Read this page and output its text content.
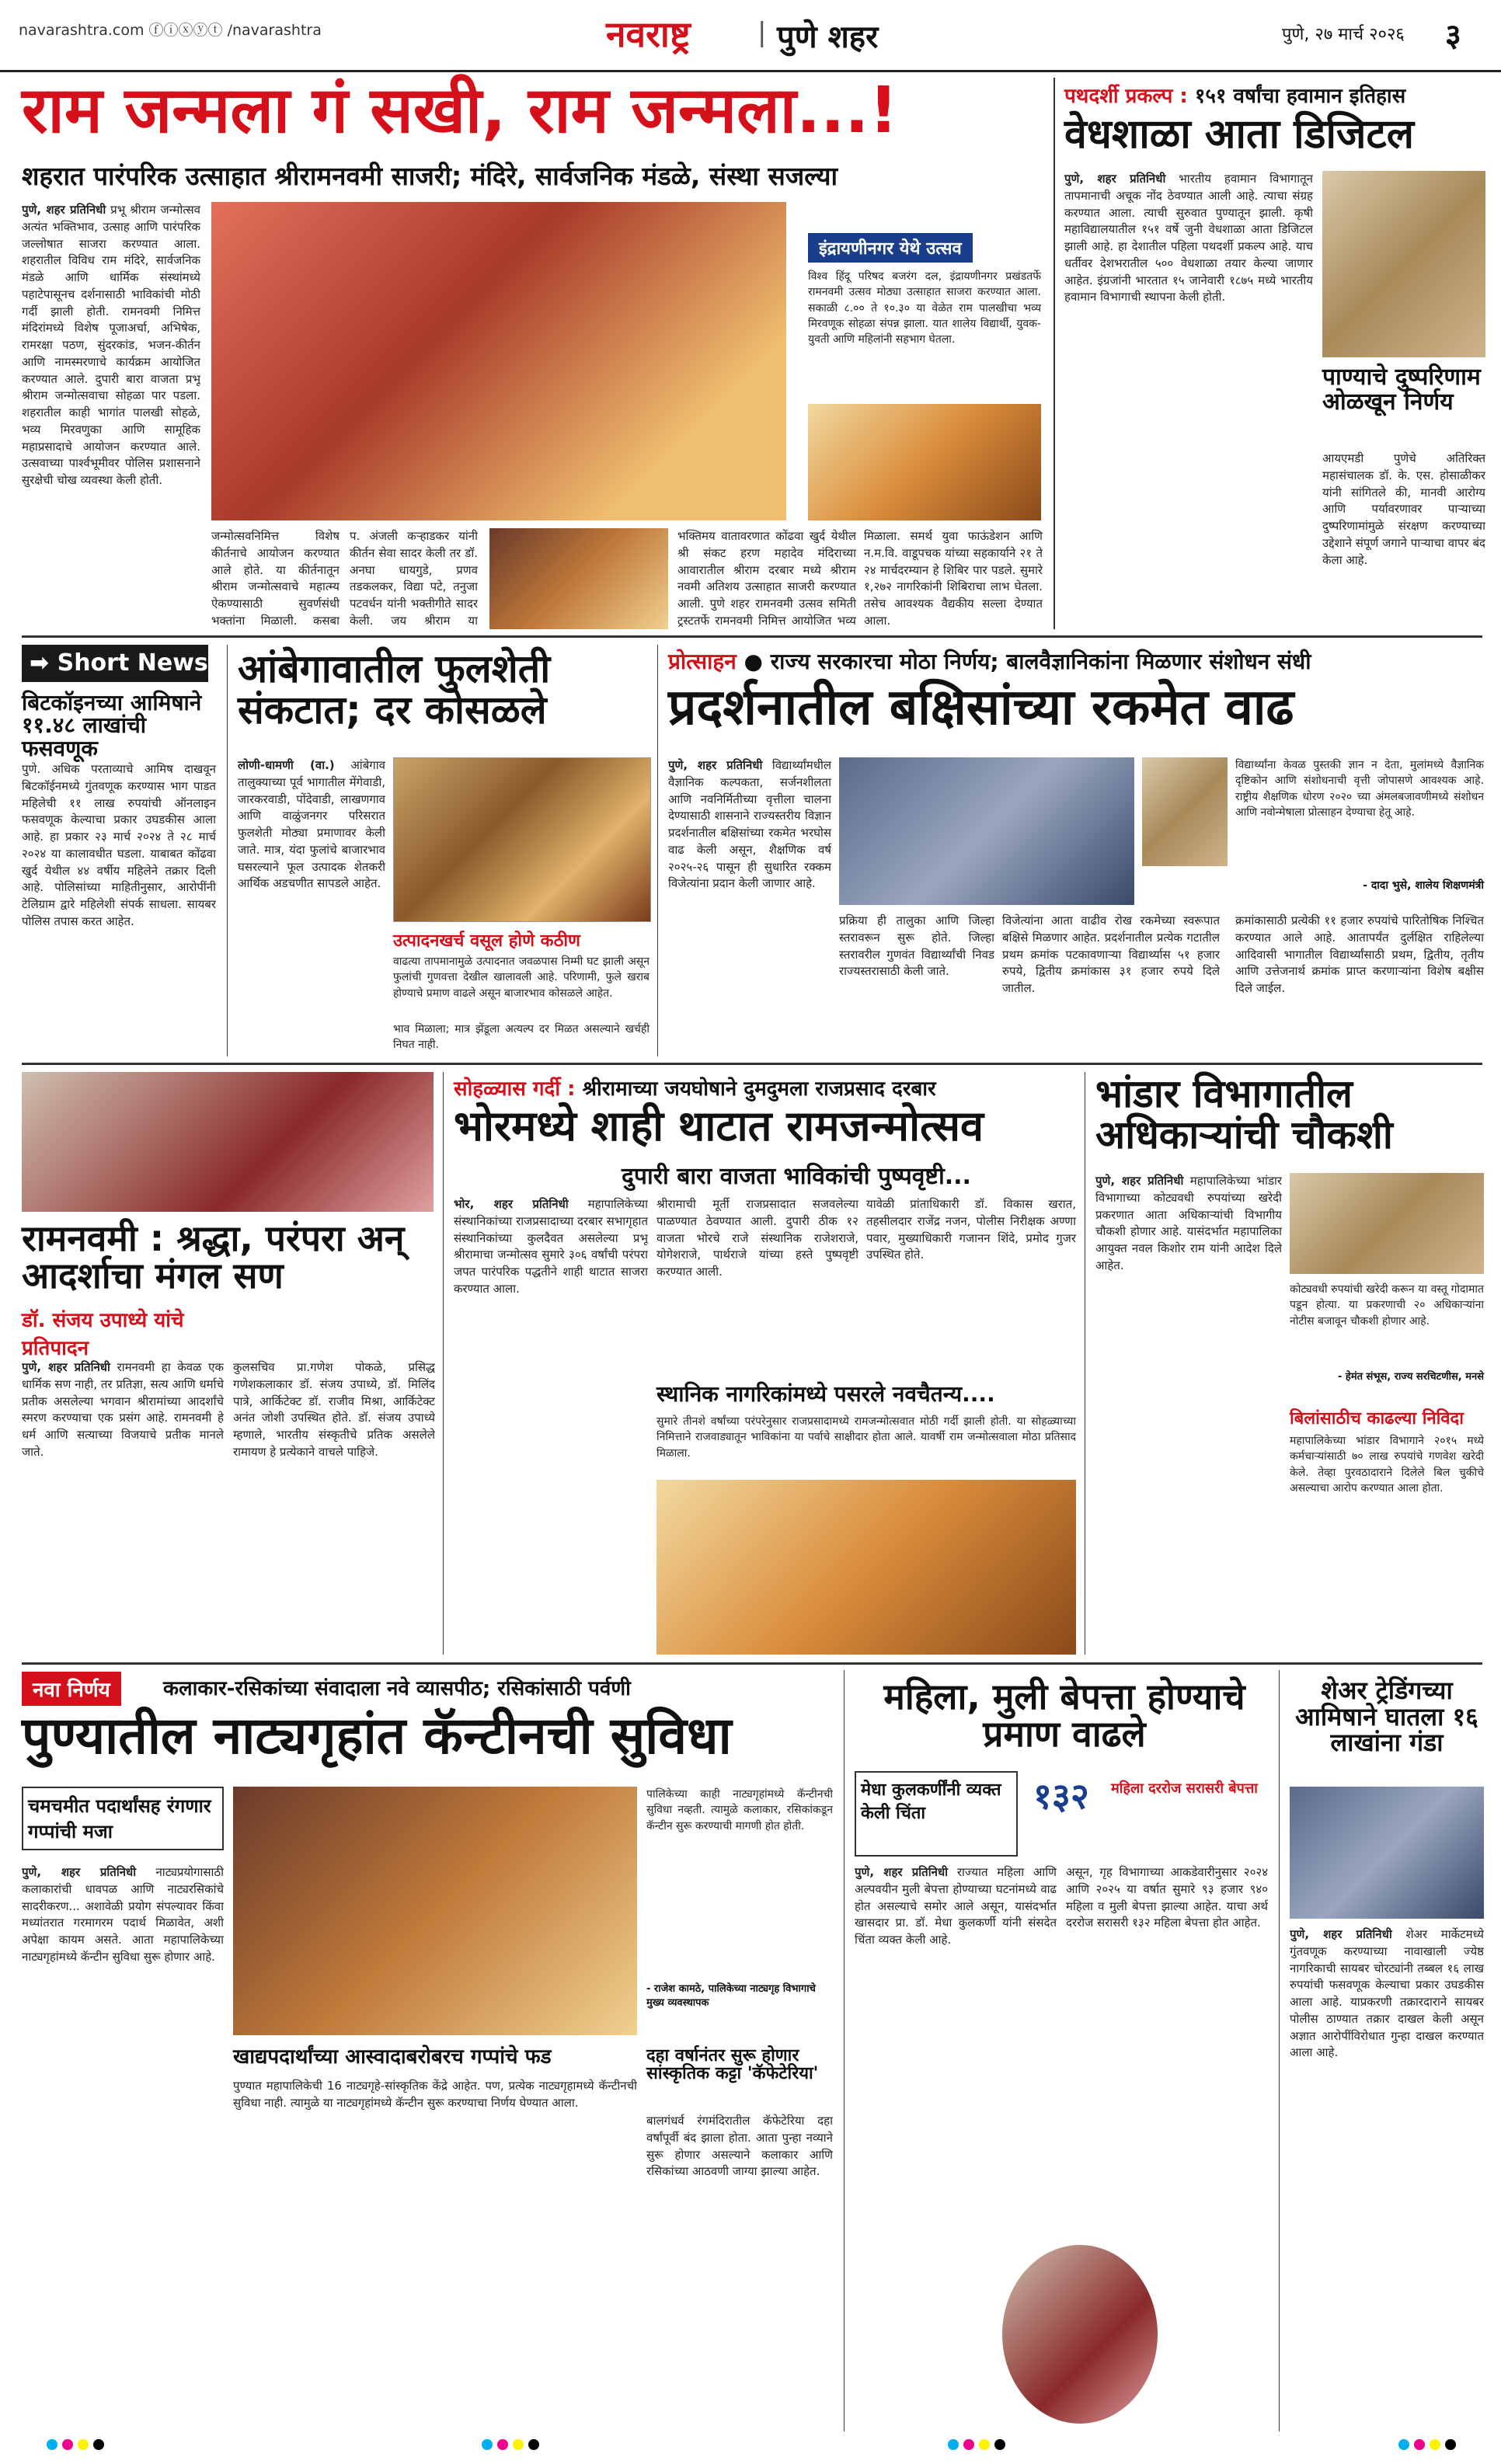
navarashtra.com ⓕⓘⓧⓨⓣ /navarashtra	नवराष्ट्र	| पुणे शहर	पुणे, २७ मार्च २०२६ ३
राम जन्मला गं सखी, राम जन्मला...!
शहरात पारंपरिक उत्साहात श्रीरामनवमी साजरी; मंदिरे, सार्वजनिक मंडळे, संस्था सजल्या
पुणे, शहर प्रतिनिधी प्रभू श्रीराम जन्मोत्सव अत्यंत भक्तिभाव, उत्साह आणि पारंपरिक जल्लोषात साजरा करण्यात आला. शहरातील विविध राम मंदिरे, सार्वजनिक मंडळे आणि धार्मिक संस्थांमध्ये पहाटेपासूनच दर्शनासाठी भाविकांची मोठी गर्दी झाली होती. रामनवमी निमित्त मंदिरांमध्ये विशेष पूजाअर्चा, अभिषेक, रामरक्षा पठण, सुंदरकांड, भजन-कीर्तन आणि नामस्मरणाचे कार्यक्रम आयोजित करण्यात आले. दुपारी बारा वाजता प्रभू श्रीराम जन्मोत्सवाचा सोहळा पार पडला. शहरातील काही भागांत पालखी सोहळे, भव्य मिरवणुका आणि सामूहिक महाप्रसादाचे आयोजन करण्यात आले. उत्सवाच्या पार्श्वभूमीवर पोलिस प्रशासनाने सुरक्षेची चोख व्यवस्था केली होती.
इंद्रायणीनगर येथे उत्सव
विश्व हिंदू परिषद बजरंग दल, इंद्रायणीनगर प्रखंडतर्फे रामनवमी उत्सव मोठ्या उत्साहात साजरा करण्यात आला. सकाळी ८.०० ते १०.३० या वेळेत राम पालखीचा भव्य मिरवणूक सोहळा संपन्न झाला. यात शालेय विद्यार्थी, युवक-युवती आणि महिलांनी सहभाग घेतला.
जन्मोत्सवनिमित्त विशेष कीर्तनाचे आयोजन करण्यात आले होते. या कीर्तनातून श्रीराम जन्मोत्सवाचे महात्म्य ऐकण्यासाठी सुवर्णसंधी भक्तांना मिळाली. कसबा
प. अंजली कऱ्हाडकर यांनी कीर्तन सेवा सादर केली तर डॉ. अनघा धायगुडे, प्रणव तडकलकर, विद्या पटे, तनुजा पटवर्धन यांनी भक्तीगीते सादर केली. जय श्रीराम या
भक्तिमय वातावरणात कोंढवा खुर्द येथील श्री संकट हरण महादेव मंदिराच्या आवारातील श्रीराम दरबार मध्ये श्रीराम नवमी अतिशय उत्साहात साजरी करण्यात आली. पुणे शहर रामनवमी उत्सव समिती ट्रस्टतर्फे रामनवमी निमित्त आयोजित भव्य
मिळाला. समर्थ युवा फाऊंडेशन आणि न.म.वि. वाडूपचक यांच्या सहकार्याने २१ ते २४ मार्चदरम्यान हे शिबिर पार पडले. सुमारे १,२७२ नागरिकांनी शिबिराचा लाभ घेतला. तसेच आवश्यक वैद्यकीय सल्ला देण्यात आला.
पथदर्शी प्रकल्प : १५१ वर्षांचा हवामान इतिहास
वेधशाळा आता डिजिटल
पुणे, शहर प्रतिनिधी भारतीय हवामान विभागातून तापमानाची अचूक नोंद ठेवण्यात आली आहे. त्याचा संग्रह करण्यात आला. त्याची सुरुवात पुण्यातून झाली. कृषी महाविद्यालयातील १५१ वर्षे जुनी वेधशाळा आता डिजिटल झाली आहे. हा देशातील पहिला पथदर्शी प्रकल्प आहे. याच धर्तीवर देशभरातील ५०० वेधशाळा तयार केल्या जाणार आहेत. इंग्रजांनी भारतात १५ जानेवारी १८७५ मध्ये भारतीय हवामान विभागाची स्थापना केली होती.
पाण्याचे दुष्परिणाम ओळखून निर्णय
आयएमडी पुणेचे अतिरिक्त महासंचालक डॉ. के. एस. होसाळीकर यांनी सांगितले की, मानवी आरोग्य आणि पर्यावरणावर पाऱ्याच्या दुष्परिणामांमुळे संरक्षण करण्याच्या उद्देशाने संपूर्ण जगाने पाऱ्याचा वापर बंद केला आहे.
➡ Short News
बिटकॉइनच्या आमिषाने ११.४८ लाखांची फसवणूक
पुणे. अधिक परताव्याचे आमिष दाखवून बिटकॉईनमध्ये गुंतवणूक करण्यास भाग पाडत महिलेची ११ लाख रुपयांची ऑनलाइन फसवणूक केल्याचा प्रकार उघडकीस आला आहे. हा प्रकार २३ मार्च २०२४ ते २८ मार्च २०२४ या कालावधीत घडला. याबाबत कोंढवा खुर्द येथील ४४ वर्षीय महिलेने तक्रार दिली आहे. पोलिसांच्या माहितीनुसार, आरोपींनी टेलिग्राम द्वारे महिलेशी संपर्क साधला. सायबर पोलिस तपास करत आहेत.
आंबेगावातील फुलशेती संकटात; दर कोसळले
लोणी-धामणी (वा.) आंबेगाव तालुक्याच्या पूर्व भागातील मेंगेवाडी, जारकरवाडी, पोंदेवाडी, लाखणगाव आणि वाळुंजनगर परिसरात फुलशेती मोठ्या प्रमाणावर केली जाते. मात्र, यंदा फुलांचे बाजारभाव घसरल्याने फूल उत्पादक शेतकरी आर्थिक अडचणीत सापडले आहेत.
उत्पादनखर्च वसूल होणे कठीण
वाढत्या तापमानामुळे उत्पादनात जवळपास निम्मी घट झाली असून फुलांची गुणवत्ता देखील खालावली आहे. परिणामी, फुले खराब होण्याचे प्रमाण वाढले असून बाजारभाव कोसळले आहेत.
भाव मिळाला; मात्र झेंडूला अत्यल्प दर मिळत असल्याने खर्चही निघत नाही.
प्रोत्साहन ● राज्य सरकारचा मोठा निर्णय; बालवैज्ञानिकांना मिळणार संशोधन संधी
प्रदर्शनातील बक्षिसांच्या रकमेत वाढ
पुणे, शहर प्रतिनिधी विद्यार्थ्यांमधील वैज्ञानिक कल्पकता, सर्जनशीलता आणि नवनिर्मितीच्या वृत्तीला चालना देण्यासाठी शासनाने राज्यस्तरीय विज्ञान प्रदर्शनातील बक्षिसांच्या रकमेत भरघोस वाढ केली असून, शैक्षणिक वर्ष २०२५-२६ पासून ही सुधारित रक्कम विजेत्यांना प्रदान केली जाणार आहे.
विद्यार्थ्यांना केवळ पुस्तकी ज्ञान न देता, मुलांमध्ये वैज्ञानिक दृष्टिकोन आणि संशोधनाची वृत्ती जोपासणे आवश्यक आहे. राष्ट्रीय शैक्षणिक धोरण २०२० च्या अंमलबजावणीमध्ये संशोधन आणि नवोन्मेषाला प्रोत्साहन देण्याचा हेतू आहे.
- दादा भुसे, शालेय शिक्षणमंत्री
प्रक्रिया ही तालुका आणि जिल्हा स्तरावरून सुरू होते. जिल्हा स्तरावरील गुणवंत विद्यार्थ्यांची निवड राज्यस्तरासाठी केली जाते.
विजेत्यांना आता वाढीव रोख रकमेच्या स्वरूपात बक्षिसे मिळणार आहेत. प्रदर्शनातील प्रत्येक गटातील प्रथम क्रमांक पटकावणाऱ्या विद्यार्थ्यास ५१ हजार रुपये, द्वितीय क्रमांकास ३१ हजार रुपये दिले जातील.
क्रमांकासाठी प्रत्येकी ११ हजार रुपयांचे पारितोषिक निश्चित करण्यात आले आहे. आतापर्यंत दुर्लक्षित राहिलेल्या आदिवासी भागातील विद्यार्थ्यांसाठी प्रथम, द्वितीय, तृतीय आणि उत्तेजनार्थ क्रमांक प्राप्त करणाऱ्यांना विशेष बक्षीस दिले जाईल.
रामनवमी : श्रद्धा, परंपरा अन् आदर्शाचा मंगल सण
डॉ. संजय उपाध्ये यांचे प्रतिपादन
पुणे, शहर प्रतिनिधी रामनवमी हा केवळ एक धार्मिक सण नाही, तर प्रतिज्ञा, सत्य आणि धर्माचे प्रतीक असलेल्या भगवान श्रीरामांच्या आदर्शांचे स्मरण करण्याचा एक प्रसंग आहे. रामनवमी हे धर्म आणि सत्याच्या विजयाचे प्रतीक मानले जाते.
कुलसचिव प्रा.गणेश पोकळे, प्रसिद्ध गणेशकलाकार डॉ. संजय उपाध्ये, डॉ. मिलिंद पात्रे, आर्किटेक्ट डॉ. राजीव मिश्रा, आर्किटेक्ट अनंत जोशी उपस्थित होते. डॉ. संजय उपाध्ये म्हणाले, भारतीय संस्कृतीचे प्रतिक असलेले रामायण हे प्रत्येकाने वाचले पाहिजे.
सोहळ्यास गर्दी : श्रीरामाच्या जयघोषाने दुमदुमला राजप्रसाद दरबार
भोरमध्ये शाही थाटात रामजन्मोत्सव
दुपारी बारा वाजता भाविकांची पुष्पवृष्टी...
भोर, शहर प्रतिनिधी महापालिकेच्या संस्थानिकांच्या राजप्रसादाच्या दरबार सभागृहात संस्थानिकांच्या कुलदैवत असलेल्या प्रभू श्रीरामाचा जन्मोत्सव सुमारे ३०६ वर्षांची परंपरा जपत पारंपरिक पद्धतीने शाही थाटात साजरा करण्यात आला.
श्रीरामाची मूर्ती राजप्रसादात सजवलेल्या पाळण्यात ठेवण्यात आली. दुपारी ठीक १२ वाजता भोरचे राजे संस्थानिक राजेशराजे, योगेशराजे, पार्थराजे यांच्या हस्ते पुष्पवृष्टी करण्यात आली.
यावेळी प्रांताधिकारी डॉ. विकास खरात, तहसीलदार राजेंद्र नजन, पोलीस निरीक्षक अण्णा पवार, मुख्याधिकारी गजानन शिंदे, प्रमोद गुजर उपस्थित होते.
स्थानिक नागरिकांमध्ये पसरले नवचैतन्य....
सुमारे तीनशे वर्षांच्या परंपरेनुसार राजप्रसादामध्ये रामजन्मोत्सवात मोठी गर्दी झाली होती. या सोहळ्याच्या निमित्ताने राजवाड्यातून भाविकांना या पर्वाचे साक्षीदार होता आले. यावर्षी राम जन्मोत्सवाला मोठा प्रतिसाद मिळाला.
भांडार विभागातील अधिकाऱ्यांची चौकशी
पुणे, शहर प्रतिनिधी महापालिकेच्या भांडार विभागाच्या कोट्यवधी रुपयांच्या खरेदी प्रकरणात आता अधिकाऱ्यांची विभागीय चौकशी होणार आहे. यासंदर्भात महापालिका आयुक्त नवल किशोर राम यांनी आदेश दिले आहेत.
कोट्यवधी रुपयांची खरेदी करून या वस्तू गोदामात पडून होत्या. या प्रकरणाची २० अधिकाऱ्यांना नोटीस बजावून चौकशी होणार आहे.
- हेमंत संभूस, राज्य सरचिटणीस, मनसे
बिलांसाठीच काढल्या निविदा
महापालिकेच्या भांडार विभागाने २०१५ मध्ये कर्मचाऱ्यांसाठी ७० लाख रुपयांचे गणवेश खरेदी केले. तेव्हा पुरवठादाराने दिलेले बिल चुकीचे असल्याचा आरोप करण्यात आला होता.
नवा निर्णय	कलाकार-रसिकांच्या संवादाला नवे व्यासपीठ; रसिकांसाठी पर्वणी
पुण्यातील नाट्यगृहांत कॅन्टीनची सुविधा
चमचमीत पदार्थांसह रंगणार गप्पांची मजा
पुणे, शहर प्रतिनिधी नाट्यप्रयोगासाठी कलाकारांची धावपळ आणि नाट्यरसिकांचे सादरीकरण... अशावेळी प्रयोग संपल्यावर किंवा मध्यांतरात गरमागरम पदार्थ मिळावेत, अशी अपेक्षा कायम असते. आता महापालिकेच्या नाट्यगृहांमध्ये कॅन्टीन सुविधा सुरू होणार आहे.
पालिकेच्या काही नाट्यगृहांमध्ये कॅन्टीनची सुविधा नव्हती. त्यामुळे कलाकार, रसिकांकडून कॅन्टीन सुरू करण्याची मागणी होत होती.
- राजेश कामठे, पालिकेच्या नाट्यगृह विभागाचे मुख्य व्यवस्थापक
खाद्यपदार्थांच्या आस्वादाबरोबरच गप्पांचे फड
पुण्यात महापालिकेची 16 नाट्यगृहे-सांस्कृतिक केंद्रे आहेत. पण, प्रत्येक नाट्यगृहामध्ये कॅन्टीनची सुविधा नाही. त्यामुळे या नाट्यगृहांमध्ये कॅन्टीन सुरू करण्याचा निर्णय घेण्यात आला.
दहा वर्षानंतर सुरू होणार सांस्कृतिक कट्टा 'कॅफेटेरिया'
बालगंधर्व रंगमंदिरातील कॅफेटेरिया दहा वर्षांपूर्वी बंद झाला होता. आता पुन्हा नव्याने सुरू होणार असल्याने कलाकार आणि रसिकांच्या आठवणी जाग्या झाल्या आहेत.
महिला, मुली बेपत्ता होण्याचे प्रमाण वाढले
मेधा कुलकर्णींनी व्यक्त केली चिंता	१३२ महिला दररोज सरासरी बेपत्ता
पुणे, शहर प्रतिनिधी राज्यात महिला आणि अल्पवयीन मुली बेपत्ता होण्याच्या घटनांमध्ये वाढ होत असल्याचे समोर आले असून, यासंदर्भात खासदार प्रा. डॉ. मेधा कुलकर्णी यांनी संसदेत चिंता व्यक्त केली आहे.
असून, गृह विभागाच्या आकडेवारीनुसार २०२४ आणि २०२५ या वर्षात सुमारे ९३ हजार ९४० महिला व मुली बेपत्ता झाल्या आहेत. याचा अर्थ दररोज सरासरी १३२ महिला बेपत्ता होत आहेत.
शेअर ट्रेडिंगच्या आमिषाने घातला १६ लाखांना गंडा
पुणे, शहर प्रतिनिधी शेअर मार्केटमध्ये गुंतवणूक करण्याच्या नावाखाली ज्येष्ठ नागरिकाची सायबर चोरट्यांनी तब्बल १६ लाख रुपयांची फसवणूक केल्याचा प्रकार उघडकीस आला आहे. याप्रकरणी तक्रारदाराने सायबर पोलीस ठाण्यात तक्रार दाखल केली असून अज्ञात आरोपींविरोधात गुन्हा दाखल करण्यात आला आहे.
